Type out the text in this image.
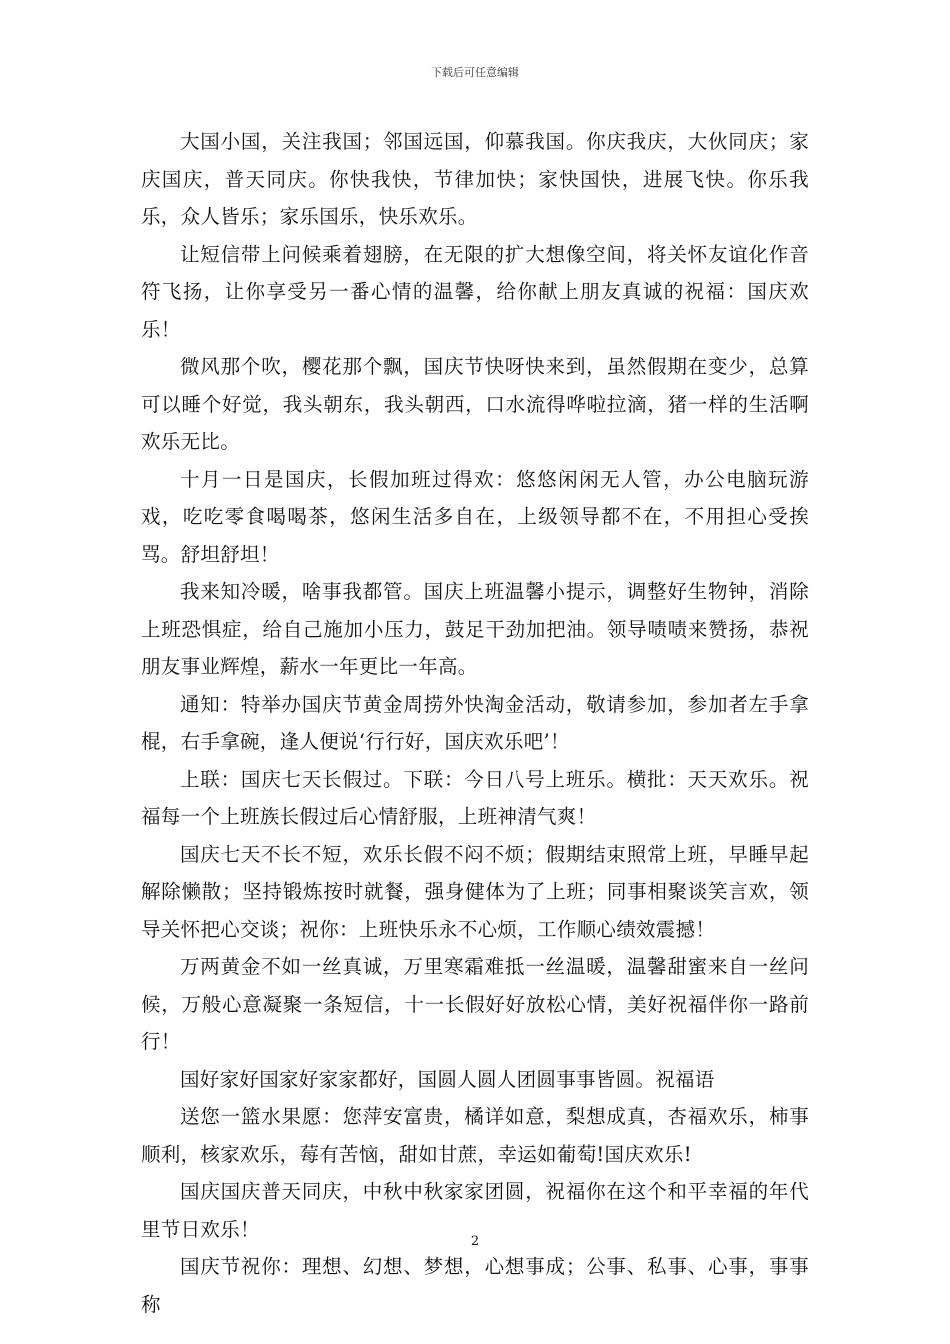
下载后可任意编辑

大国小国，关注我国；邻国远国，仰慕我国。你庆我庆，大伙同庆；家庆国庆，普天同庆。你快我快，节律加快；家快国快，进展飞快。你乐我乐，众人皆乐；家乐国乐，快乐欢乐。

让短信带上问候乘着翅膀，在无限的扩大想像空间，将关怀友谊化作音符飞扬，让你享受另一番心情的温馨，给你献上朋友真诚的祝福：国庆欢乐！

微风那个吹，樱花那个飘，国庆节快呀快来到，虽然假期在变少，总算可以睡个好觉，我头朝东，我头朝西，口水流得哗啦拉滴，猪一样的生活啊欢乐无比。

十月一日是国庆，长假加班过得欢：悠悠闲闲无人管，办公电脑玩游戏，吃吃零食喝喝茶，悠闲生活多自在，上级领导都不在，不用担心受挨骂。舒坦舒坦！

我来知冷暖，啥事我都管。国庆上班温馨小提示，调整好生物钟，消除上班恐惧症，给自己施加小压力，鼓足干劲加把油。领导啧啧来赞扬，恭祝朋友事业辉煌，薪水一年更比一年高。

通知：特举办国庆节黄金周捞外快淘金活动，敬请参加，参加者左手拿棍，右手拿碗，逢人便说‘行行好，国庆欢乐吧’！

上联：国庆七天长假过。下联：今日八号上班乐。横批：天天欢乐。祝福每一个上班族长假过后心情舒服，上班神清气爽！

国庆七天不长不短，欢乐长假不闷不烦；假期结束照常上班，早睡早起解除懒散；坚持锻炼按时就餐，强身健体为了上班；同事相聚谈笑言欢，领导关怀把心交谈；祝你：上班快乐永不心烦，工作顺心绩效震撼！

万两黄金不如一丝真诚，万里寒霜难抵一丝温暖，温馨甜蜜来自一丝问候，万般心意凝聚一条短信，十一长假好好放松心情，美好祝福伴你一路前行！

国好家好国家好家家都好，国圆人圆人团圆事事皆圆。祝福语

送您一篮水果愿：您萍安富贵，橘详如意，梨想成真，杏福欢乐，柿事顺利，核家欢乐，莓有苦恼，甜如甘蔗，幸运如葡萄!国庆欢乐!

国庆国庆普天同庆，中秋中秋家家团圆，祝福你在这个和平幸福的年代里节日欢乐！

国庆节祝你：理想、幻想、梦想，心想事成；公事、私事、心事，事事称

2
